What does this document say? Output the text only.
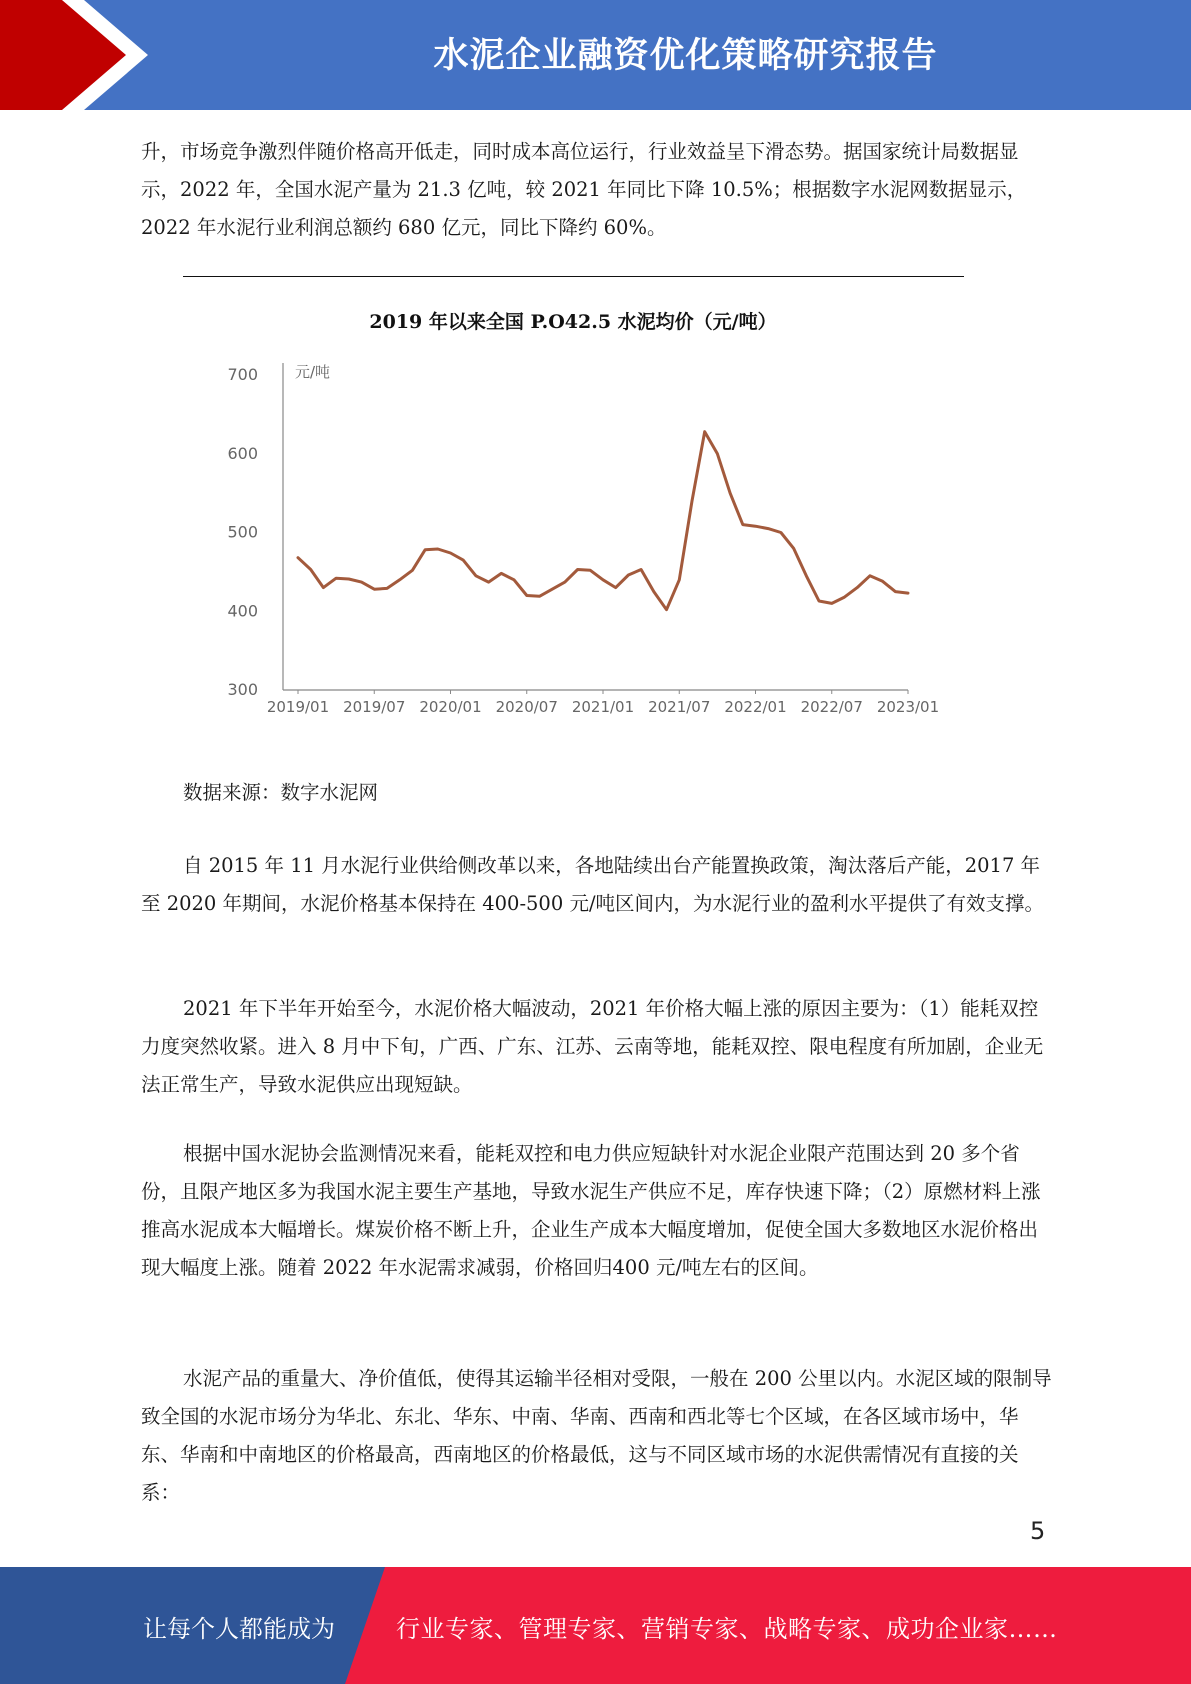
水泥企业融资优化策略研究报告

升，市场竞争激烈伴随价格高开低走，同时成本高位运行，行业效益呈下滑态势。据国家统计局数据显示，2022 年，全国水泥产量为 21.3 亿吨，较 2021 年同比下降 10.5%；根据数字水泥网数据显示，2022 年水泥行业利润总额约 680 亿元，同比下降约 60%。

2019 年以来全国 P.O42.5 水泥均价（元/吨）
元/吨
300
400
500
600
700
2019/01 2019/07 2020/01 2020/07 2021/01 2021/07 2022/01 2022/07 2023/01

数据来源：数字水泥网

自 2015 年 11 月水泥行业供给侧改革以来，各地陆续出台产能置换政策，淘汰落后产能，2017 年至 2020 年期间，水泥价格基本保持在 400-500 元/吨区间内，为水泥行业的盈利水平提供了有效支撑。

2021 年下半年开始至今，水泥价格大幅波动，2021 年价格大幅上涨的原因主要为：（1）能耗双控力度突然收紧。进入 8 月中下旬，广西、广东、江苏、云南等地，能耗双控、限电程度有所加剧，企业无法正常生产，导致水泥供应出现短缺。

根据中国水泥协会监测情况来看，能耗双控和电力供应短缺针对水泥企业限产范围达到 20 多个省份，且限产地区多为我国水泥主要生产基地，导致水泥生产供应不足，库存快速下降；（2）原燃材料上涨推高水泥成本大幅增长。煤炭价格不断上升，企业生产成本大幅度增加，促使全国大多数地区水泥价格出现大幅度上涨。随着 2022 年水泥需求减弱，价格回归400 元/吨左右的区间。

水泥产品的重量大、净价值低，使得其运输半径相对受限，一般在 200 公里以内。水泥区域的限制导致全国的水泥市场分为华北、东北、华东、中南、华南、西南和西北等七个区域，在各区域市场中，华东、华南和中南地区的价格最高，西南地区的价格最低，这与不同区域市场的水泥供需情况有直接的关系：

5
让每个人都能成为	行业专家、管理专家、营销专家、战略专家、成功企业家……
